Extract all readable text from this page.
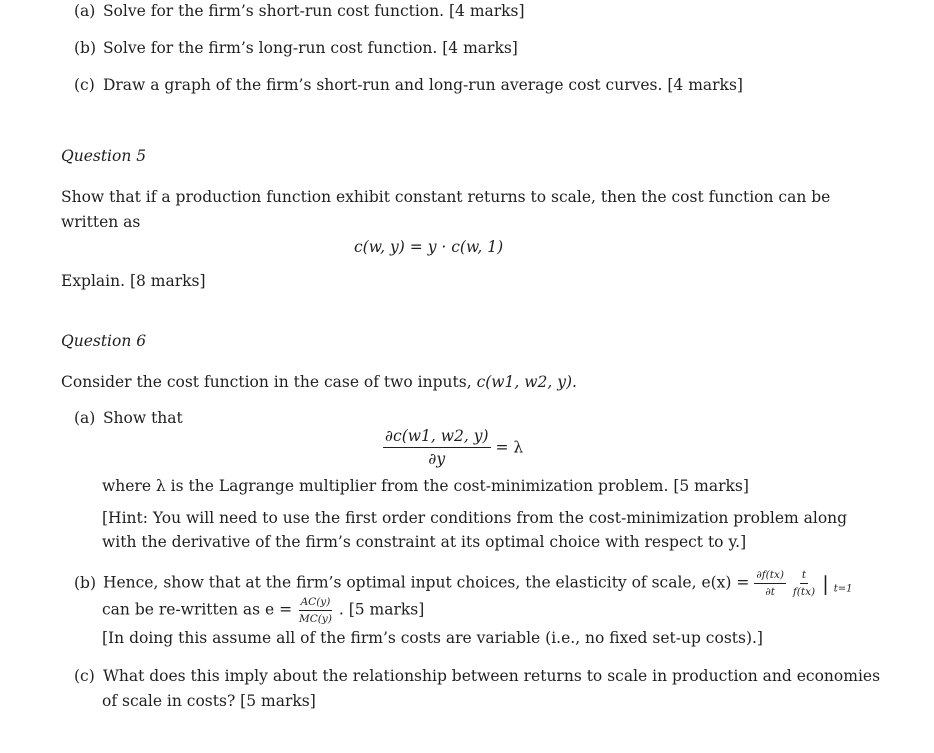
(a) Solve for the firm’s short-run cost function. [4 marks]
(b) Solve for the firm’s long-run cost function. [4 marks]
(c) Draw a graph of the firm’s short-run and long-run average cost curves. [4 marks]
Question 5
Show that if a production function exhibit constant returns to scale, then the cost function can be
written as
c(w, y) = y · c(w, 1)
Explain. [8 marks]
Question 6
Consider the cost function in the case of two inputs, c(w1, w2, y).
(a) Show that
$\frac{\partial c(w1, w2, y)}{\partial y} = \lambda$
where λ is the Lagrange multiplier from the cost-minimization problem. [5 marks]
[Hint: You will need to use the first order conditions from the cost-minimization problem along
with the derivative of the firm’s constraint at its optimal choice with respect to y.]
(b) Hence, show that at the firm’s optimal input choices, the elasticity of scale, $e(x) = \frac{\partial f(tx)}{\partial t}$
$\frac{t}{f(tx)}$ | $_{t=1}$
can be re-written as $e = \frac{AC(y)}{MC(y)}$ . [5 marks]
[In doing this assume all of the firm’s costs are variable (i.e., no fixed set-up costs).]
(c) What does this imply about the relationship between returns to scale in production and economies
of scale in costs? [5 marks]
